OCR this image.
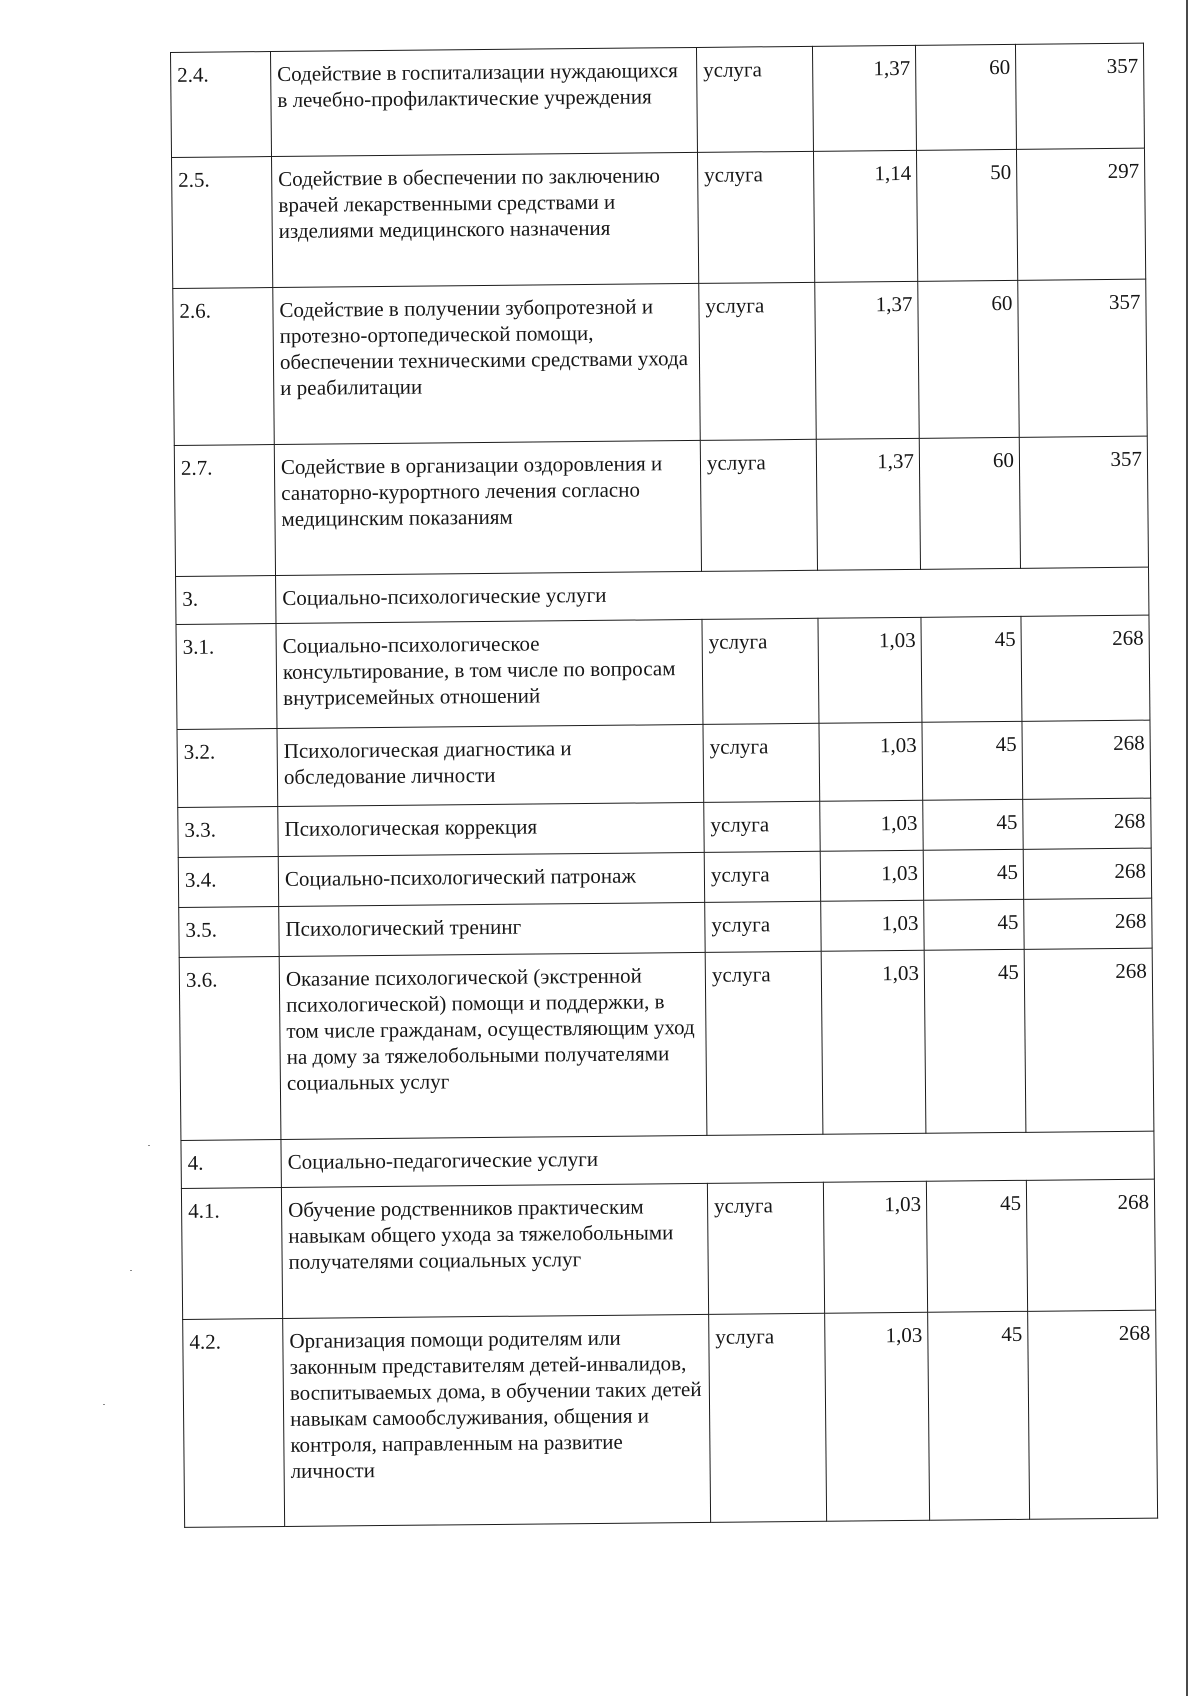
2.4.	Содействие в госпитализации нуждающихся в лечебно-профилактические учреждения	услуга	1,37	60	357
2.5.	Содействие в обеспечении по заключению врачей лекарственными средствами и изделиями медицинского назначения	услуга	1,14	50	297
2.6.	Содействие в получении зубопротезной и протезно-ортопедической помощи, обеспечении техническими средствами ухода и реабилитации	услуга	1,37	60	357
2.7.	Содействие в организации оздоровления и санаторно-курортного лечения согласно медицинским показаниям	услуга	1,37	60	357
3.	Социально-психологические услуги				
3.1.	Социально-психологическое консультирование, в том числе по вопросам внутрисемейных отношений	услуга	1,03	45	268
3.2.	Психологическая диагностика и обследование личности	услуга	1,03	45	268
3.3.	Психологическая коррекция	услуга	1,03	45	268
3.4.	Социально-психологический патронаж	услуга	1,03	45	268
3.5.	Психологический тренинг	услуга	1,03	45	268
3.6.	Оказание психологической (экстренной психологической) помощи и поддержки, в том числе гражданам, осуществляющим уход на дому за тяжелобольными получателями социальных услуг	услуга	1,03	45	268
4.	Социально-педагогические услуги				
4.1.	Обучение родственников практическим навыкам общего ухода за тяжелобольными получателями социальных услуг	услуга	1,03	45	268
4.2.	Организация помощи родителям или законным представителям детей-инвалидов, воспитываемых дома, в обучении таких детей навыкам самообслуживания, общения и контроля, направленным на развитие личности	услуга	1,03	45	268
